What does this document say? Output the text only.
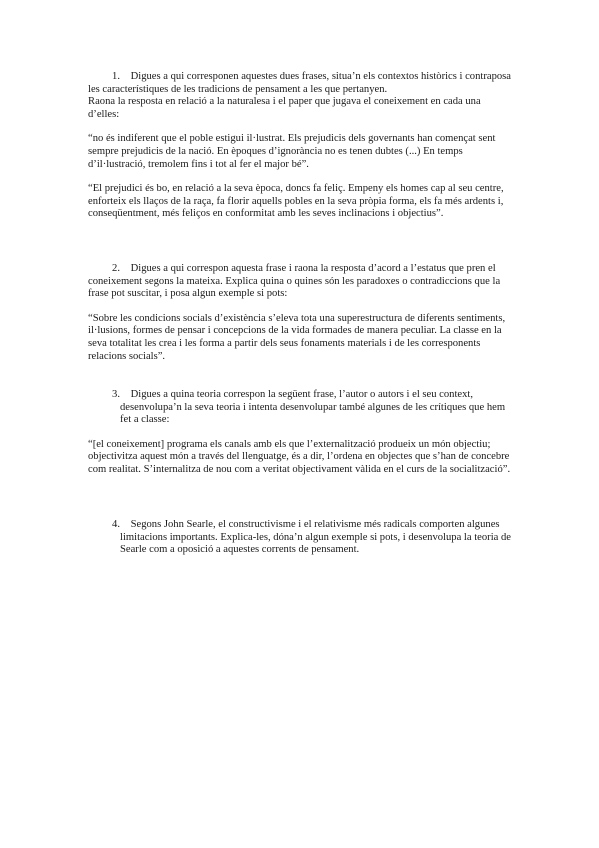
1. Digues a qui corresponen aquestes dues frases, situa’n els contextos històrics i contraposa les característiques de les tradicions de pensament a les que pertanyen.

Raona la resposta en relació a la naturalesa i el paper que jugava el coneixement en cada una d’elles:

“no és indiferent que el poble estigui il·lustrat. Els prejudicis dels governants han començat sent sempre prejudicis de la nació. En èpoques d’ignorància no es tenen dubtes (...) En temps d’il·lustració, tremolem fins i tot al fer el major bé”.

“El prejudici és bo, en relació a la seva època, doncs fa feliç. Empeny els homes cap al seu centre, enforteix els llaços de la raça, fa florir aquells pobles en la seva pròpia forma, els fa més ardents i, conseqüentment, més feliços en conformitat amb les seves inclinacions i objectius”.

2. Digues a qui correspon aquesta frase i raona la resposta d’acord a l’estatus que pren el coneixement segons la mateixa. Explica quina o quines són les paradoxes o contradiccions que la frase pot suscitar, i posa algun exemple si pots:

“Sobre les condicions socials d’existència s’eleva tota una superestructura de diferents sentiments, il·lusions, formes de pensar i concepcions de la vida formades de manera peculiar. La classe en la seva totalitat les crea i les forma a partir dels seus fonaments materials i de les corresponents relacions socials”.

3. Digues a quina teoria correspon la següent frase, l’autor o autors i el seu context, desenvolupa’n la seva teoria i intenta desenvolupar també algunes de les crítiques que hem fet a classe:

“[el coneixement] programa els canals amb els que l’externalització produeix un món objectiu; objectivitza aquest món a través del llenguatge, és a dir, l’ordena en objectes que s’han de concebre com realitat. S’internalitza de nou com a veritat objectivament vàlida en el curs de la socialització”.

4. Segons John Searle, el constructivisme i el relativisme més radicals comporten algunes limitacions importants. Explica-les, dóna’n algun exemple si pots, i desenvolupa la teoria de Searle com a oposició a aquestes corrents de pensament.
